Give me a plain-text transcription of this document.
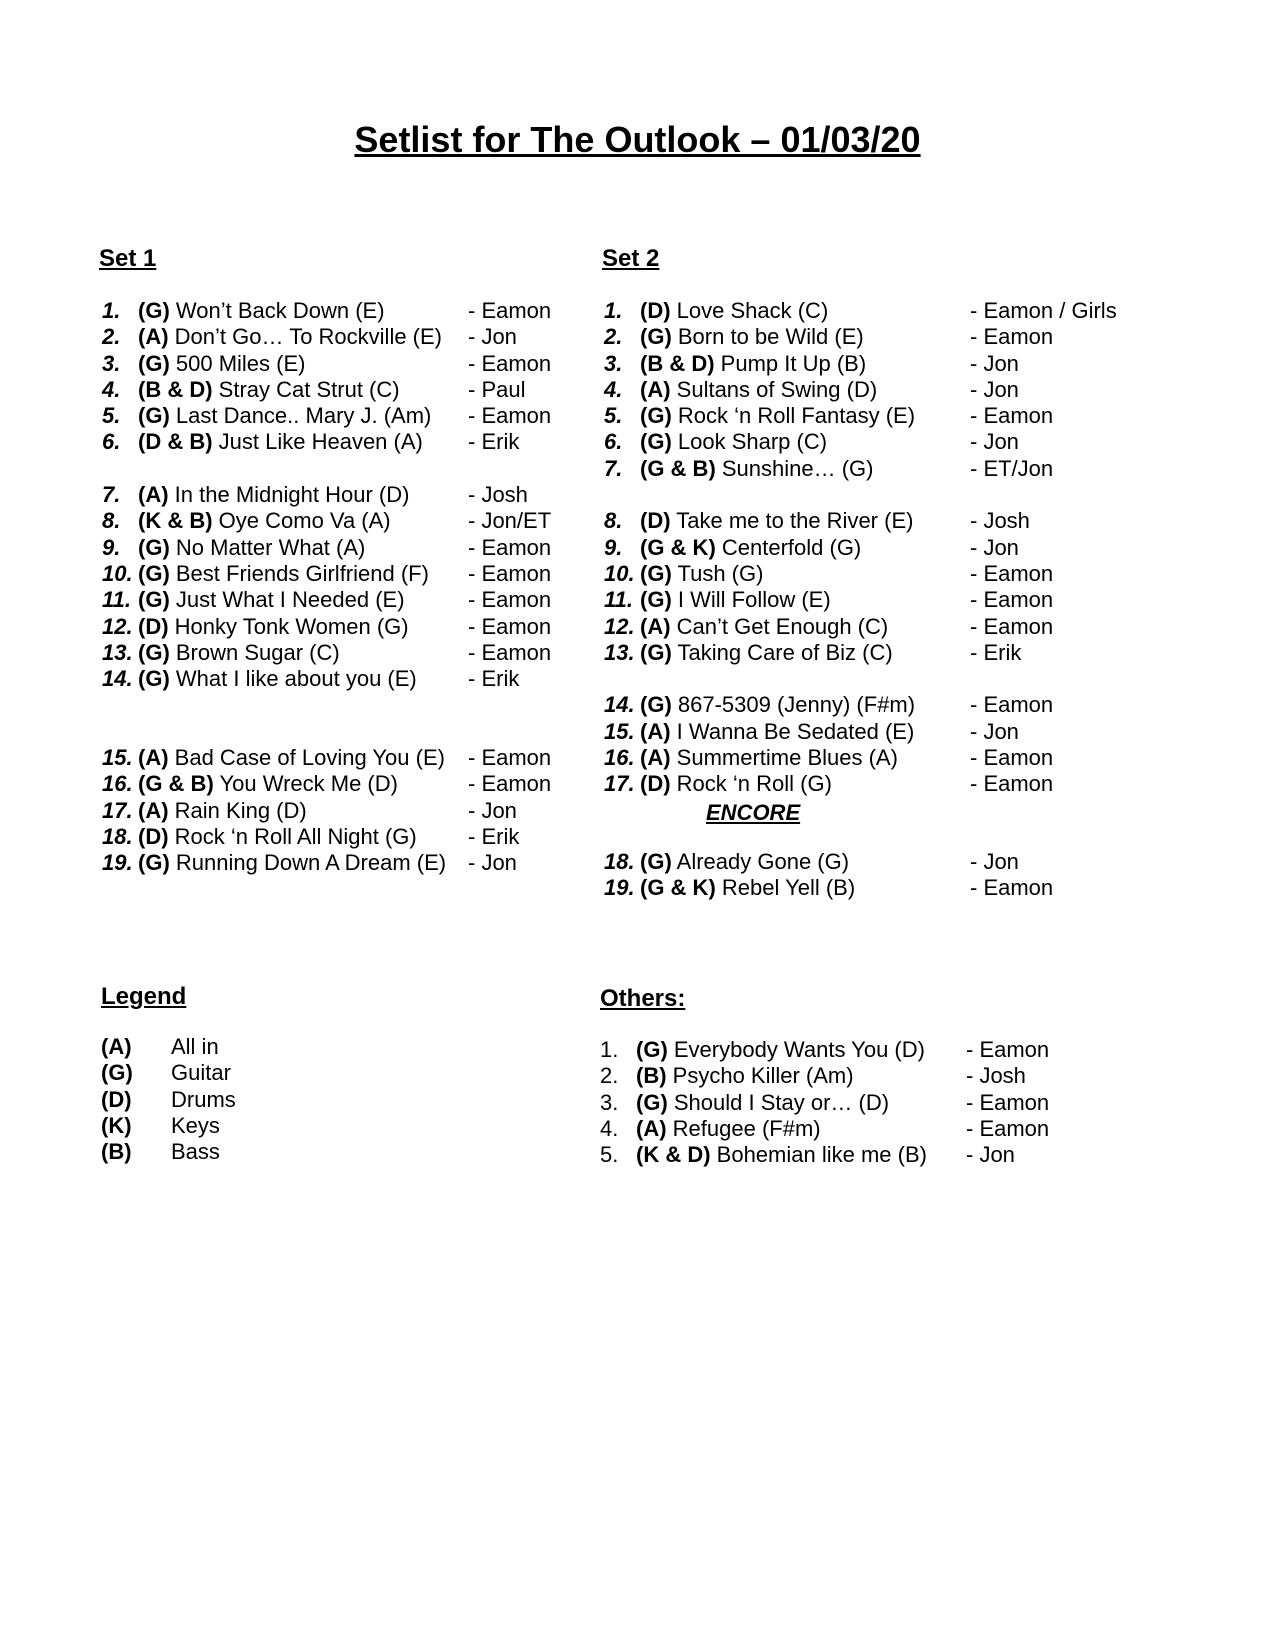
Setlist for The Outlook – 01/03/20
Set 1
1. (G) Won’t Back Down (E)	- Eamon
2. (A) Don’t Go… To Rockville (E) - Jon
3. (G) 500 Miles (E)	- Eamon
4. (B & D) Stray Cat Strut (C)	- Paul
5. (G) Last Dance.. Mary J. (Am) - Eamon
6. (D & B) Just Like Heaven (A) - Erik
7. (A) In the Midnight Hour (D)	- Josh
8. (K & B) Oye Como Va (A)	- Jon/ET
9. (G) No Matter What (A)	- Eamon
10. (G) Best Friends Girlfriend (F) - Eamon
11. (G) Just What I Needed (E)	- Eamon
12. (D) Honky Tonk Women (G)	- Eamon
13. (G) Brown Sugar (C)	- Eamon
14. (G) What I like about you (E) - Erik
15. (A) Bad Case of Loving You (E) - Eamon
16. (G & B) You Wreck Me (D)	- Eamon
17. (A) Rain King (D)	- Jon
18. (D) Rock ‘n Roll All Night (G) - Erik
19. (G) Running Down A Dream (E) - Jon
Set 2
1. (D) Love Shack (C)	- Eamon / Girls
2. (G) Born to be Wild (E)	- Eamon
3. (B & D) Pump It Up (B)	- Jon
4. (A) Sultans of Swing (D)	- Jon
5. (G) Rock ‘n Roll Fantasy (E) - Eamon
6. (G) Look Sharp (C)	- Jon
7. (G & B) Sunshine… (G)	- ET/Jon
8. (D) Take me to the River (E)	- Josh
9. (G & K) Centerfold (G)	- Jon
10. (G) Tush (G)	- Eamon
11. (G) I Will Follow (E)	- Eamon
12. (A) Can’t Get Enough (C)	- Eamon
13. (G) Taking Care of Biz (C)	- Erik
14. (G) 867-5309 (Jenny) (F#m) - Eamon
15. (A) I Wanna Be Sedated (E)	- Jon
16. (A) Summertime Blues (A)	- Eamon
17. (D) Rock ‘n Roll (G)	- Eamon
ENCORE
18. (G) Already Gone (G)	- Jon
19. (G & K) Rebel Yell (B)	- Eamon
Legend
(A) All in
(G) Guitar
(D) Drums
(K) Keys
(B) Bass
Others:
1. (G) Everybody Wants You (D) - Eamon
2. (B) Psycho Killer (Am)	- Josh
3. (G) Should I Stay or… (D)	- Eamon
4. (A) Refugee (F#m)	- Eamon
5. (K & D) Bohemian like me (B) - Jon
